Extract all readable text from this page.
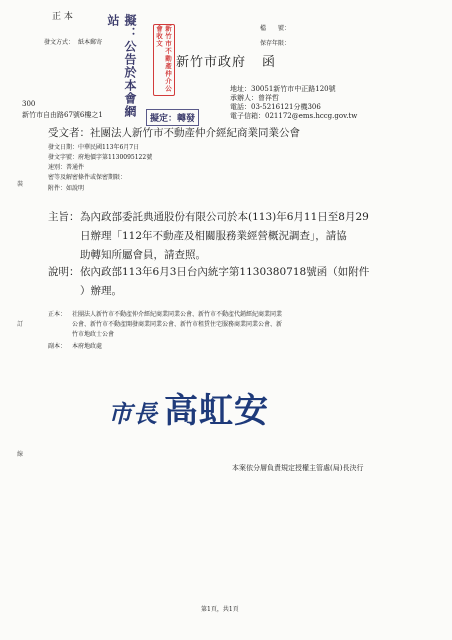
裝
訂
線
正 本
發文方式： 紙本郵寄
檔　　號：
保存年限：
擬：公告於本會網站
新竹市不動產仲介公會收文
擬定：轉發
新竹市政府 函
地址：30051新竹市中正路120號
承辦人：曾祥哲
電話：03-5216121分機306
電子信箱：021172@ems.hccg.gov.tw
300
新竹市自由路67號6樓之1
受文者：社團法人新竹市不動產仲介經紀商業同業公會
發文日期：中華民國113年6月7日
發文字號：府地價字第1130095122號
速別：普通件
密等及解密條件或保密期限：
附件：如說明
主旨： 為內政部委託典通股份有限公司於本(113)年6月11日至8月29
日辦理「112年不動產及相關服務業經營概況調查」，請協
助轉知所屬會員，請查照。
說明： 依內政部113年6月3日台內統字第1130380718號函（如附件
）辦理。
正本： 社團法人新竹市不動產仲介經紀商業同業公會、新竹市不動產代銷經紀商業同業
公會、新竹市不動產開發商業同業公會、新竹市租賃住宅服務商業同業公會、新
竹市地政士公會
副本： 本府地政處
市長 高虹安
本案依分層負責規定授權主管處(局)長決行
第1頁，共1頁
